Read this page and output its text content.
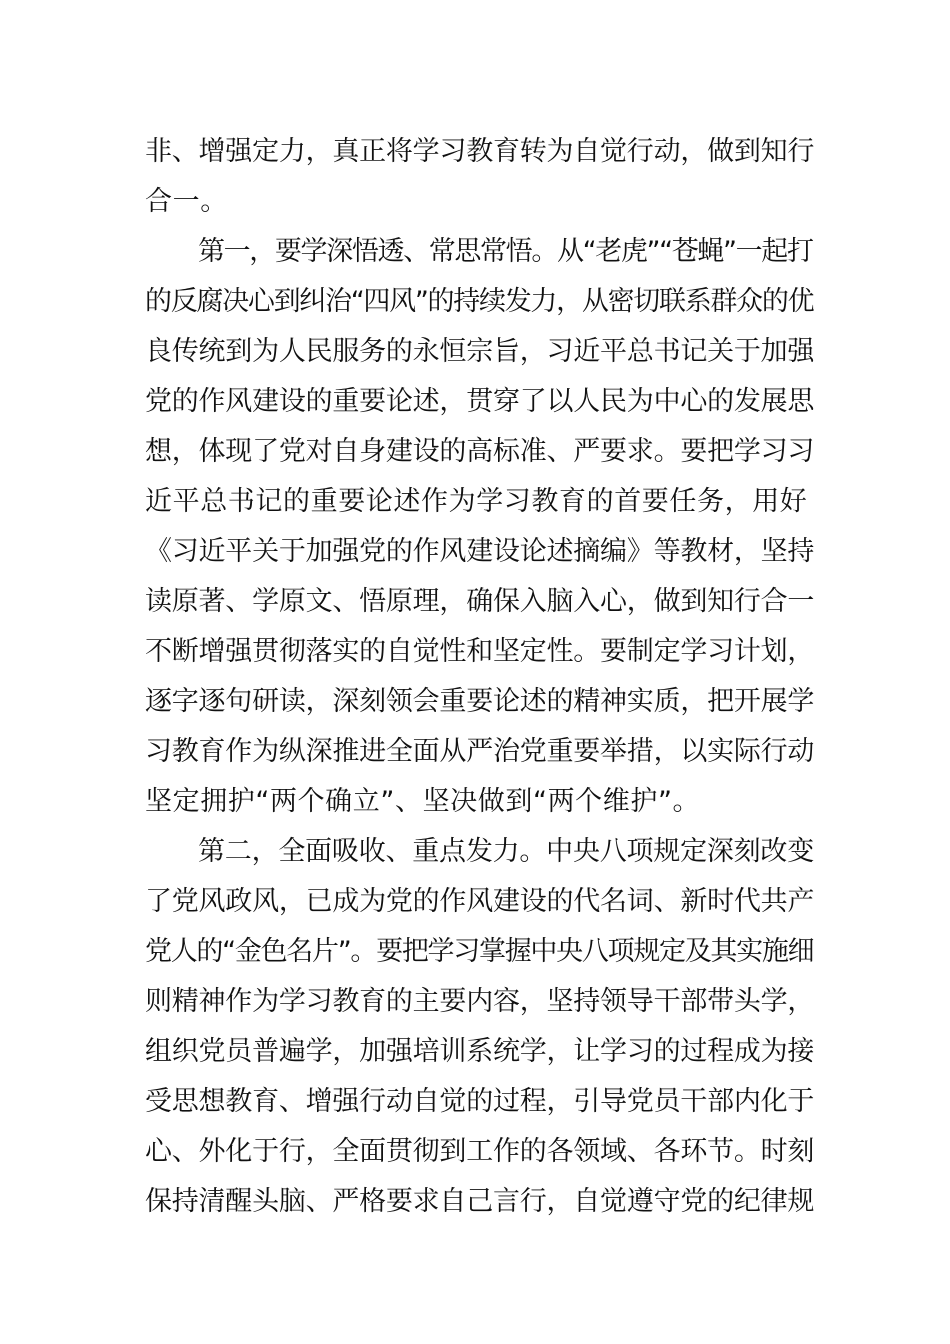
非、增强定力，真正将学习教育转为自觉行动，做到知行
合一。
第一，要学深悟透、常思常悟。从“老虎”“苍蝇”一起打
的反腐决心到纠治“四风”的持续发力，从密切联系群众的优
良传统到为人民服务的永恒宗旨，习近平总书记关于加强
党的作风建设的重要论述，贯穿了以人民为中心的发展思
想，体现了党对自身建设的高标准、严要求。要把学习习
近平总书记的重要论述作为学习教育的首要任务，用好
《习近平关于加强党的作风建设论述摘编》等教材，坚持
读原著、学原文、悟原理，确保入脑入心，做到知行合一
不断增强贯彻落实的自觉性和坚定性。要制定学习计划，
逐字逐句研读，深刻领会重要论述的精神实质，把开展学
习教育作为纵深推进全面从严治党重要举措，以实际行动
坚定拥护“两个确立”、坚决做到“两个维护”。
第二，全面吸收、重点发力。中央八项规定深刻改变
了党风政风，已成为党的作风建设的代名词、新时代共产
党人的“金色名片”。要把学习掌握中央八项规定及其实施细
则精神作为学习教育的主要内容，坚持领导干部带头学，
组织党员普遍学，加强培训系统学，让学习的过程成为接
受思想教育、增强行动自觉的过程，引导党员干部内化于
心、外化于行，全面贯彻到工作的各领域、各环节。时刻
保持清醒头脑、严格要求自己言行，自觉遵守党的纪律规
